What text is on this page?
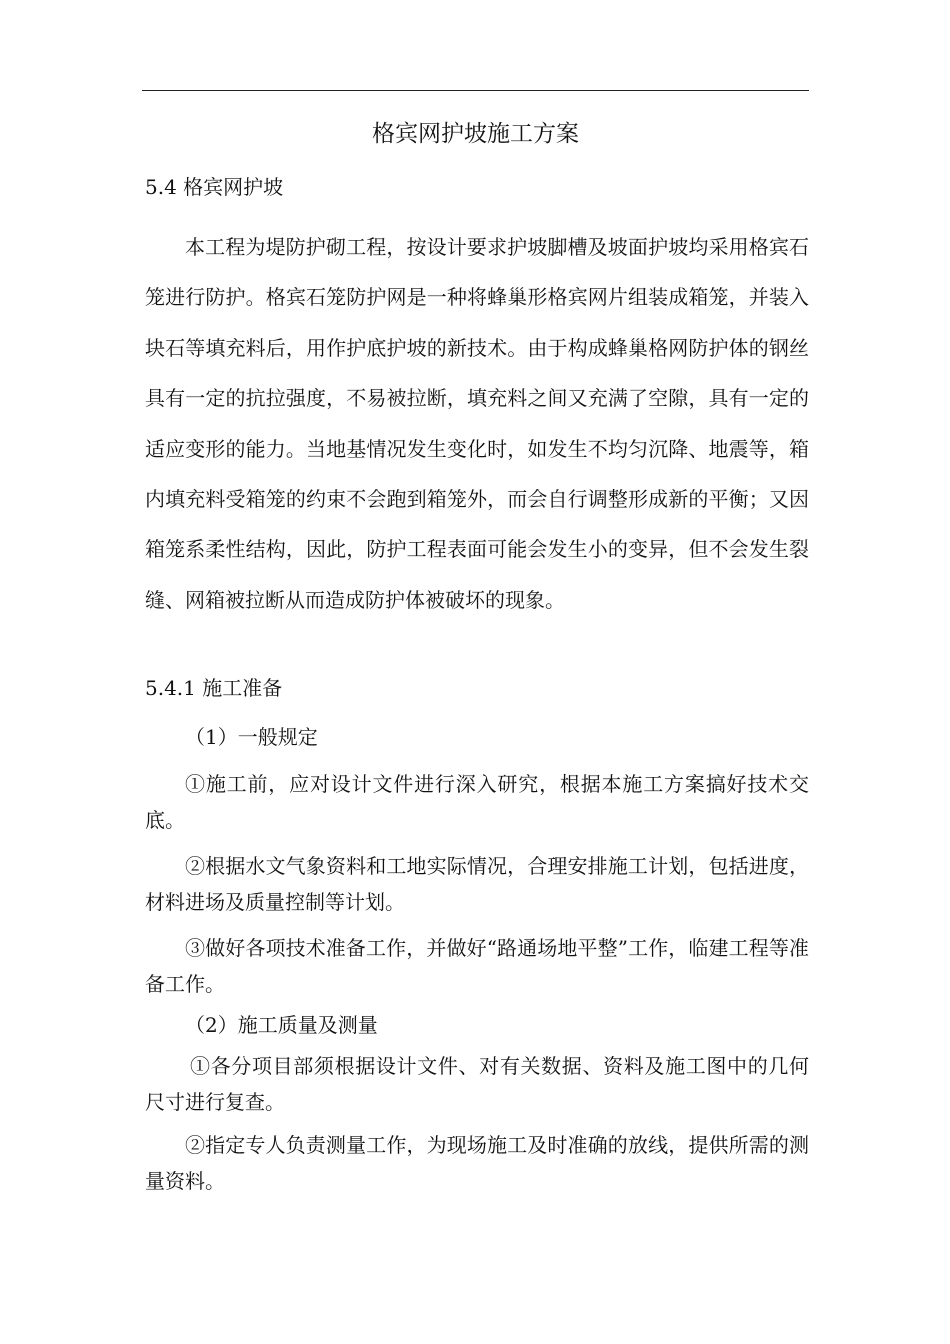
格宾网护坡施工方案
5.4 格宾网护坡

本工程为堤防护砌工程，按设计要求护坡脚槽及坡面护坡均采用格宾石笼进行防护。格宾石笼防护网是一种将蜂巢形格宾网片组装成箱笼，并装入块石等填充料后，用作护底护坡的新技术。由于构成蜂巢格网防护体的钢丝具有一定的抗拉强度，不易被拉断，填充料之间又充满了空隙，具有一定的适应变形的能力。当地基情况发生变化时，如发生不均匀沉降、地震等，箱内填充料受箱笼的约束不会跑到箱笼外，而会自行调整形成新的平衡；又因箱笼系柔性结构，因此，防护工程表面可能会发生小的变异，但不会发生裂缝、网箱被拉断从而造成防护体被破坏的现象。

5.4.1 施工准备
（1）一般规定

①施工前，应对设计文件进行深入研究，根据本施工方案搞好技术交底。

②根据水文气象资料和工地实际情况，合理安排施工计划，包括进度，材料进场及质量控制等计划。

③做好各项技术准备工作，并做好“路通场地平整”工作，临建工程等准备工作。

（2）施工质量及测量

①各分项目部须根据设计文件、对有关数据、资料及施工图中的几何尺寸进行复查。

②指定专人负责测量工作，为现场施工及时准确的放线，提供所需的测量资料。
